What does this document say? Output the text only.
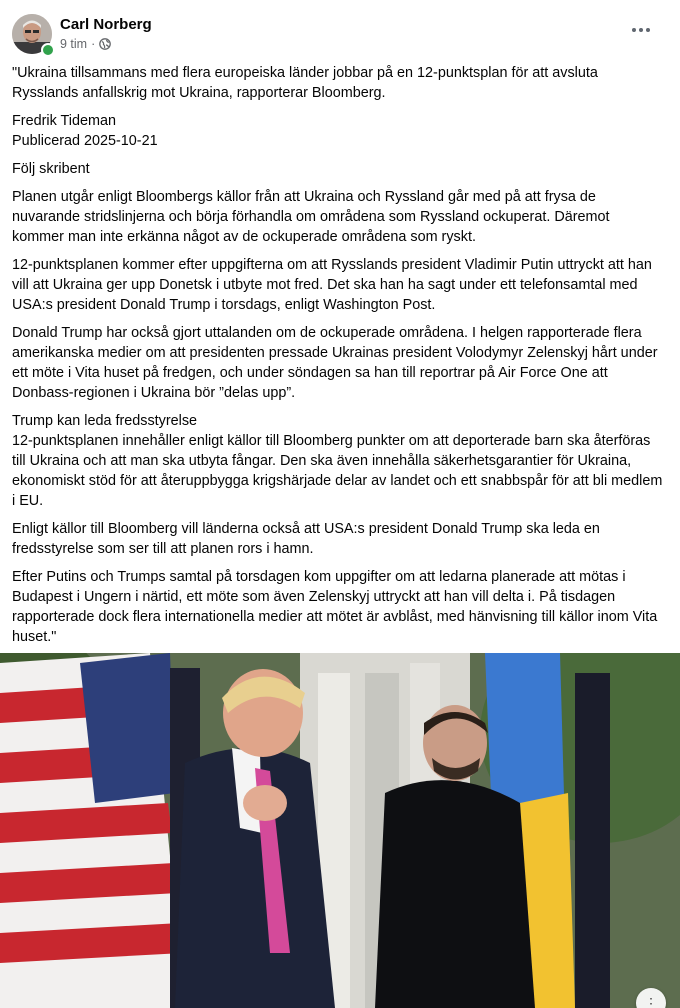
Carl Norberg
9 tim ·

"Ukraina tillsammans med flera europeiska länder jobbar på en 12-punktsplan för att avsluta Rysslands anfallskrig mot Ukraina, rapporterar Bloomberg.

Fredrik Tideman
Publicerad 2025-10-21

Följ skribent

Planen utgår enligt Bloombergs källor från att Ukraina och Ryssland går med på att frysa de nuvarande stridslinjerna och börja förhandla om områdena som Ryssland ockuperat. Däremot kommer man inte erkänna något av de ockuperade områdena som ryskt.

12-punktsplanen kommer efter uppgifterna om att Rysslands president Vladimir Putin uttryckt att han vill att Ukraina ger upp Donetsk i utbyte mot fred. Det ska han ha sagt under ett telefonsamtal med USA:s president Donald Trump i torsdags, enligt Washington Post.

Donald Trump har också gjort uttalanden om de ockuperade områdena. I helgen rapporterade flera amerikanska medier om att presidenten pressade Ukrainas president Volodymyr Zelenskyj hårt under ett möte i Vita huset på fredgen, och under söndagen sa han till reportrar på Air Force One att Donbass-regionen i Ukraina bör ”delas upp”.

Trump kan leda fredsstyrelse
12-punktsplanen innehåller enligt källor till Bloomberg punkter om att deporterade barn ska återföras till Ukraina och att man ska utbyta fångar. Den ska även innehålla säkerhetsgarantier för Ukraina, ekonomiskt stöd för att återuppbygga krigshärjade delar av landet och ett snabbspår för att bli medlem i EU.

Enligt källor till Bloomberg vill länderna också att USA:s president Donald Trump ska leda en fredsstyrelse som ser till att planen rors i hamn.

Efter Putins och Trumps samtal på torsdagen kom uppgifter om att ledarna planerade att mötas i Budapest i Ungern i närtid, ett möte som även Zelenskyj uttryckt att han vill delta i. På tisdagen rapporterade dock flera internationella medier att mötet är avblåst, med hänvisning till källor inom Vita huset."

⋮
